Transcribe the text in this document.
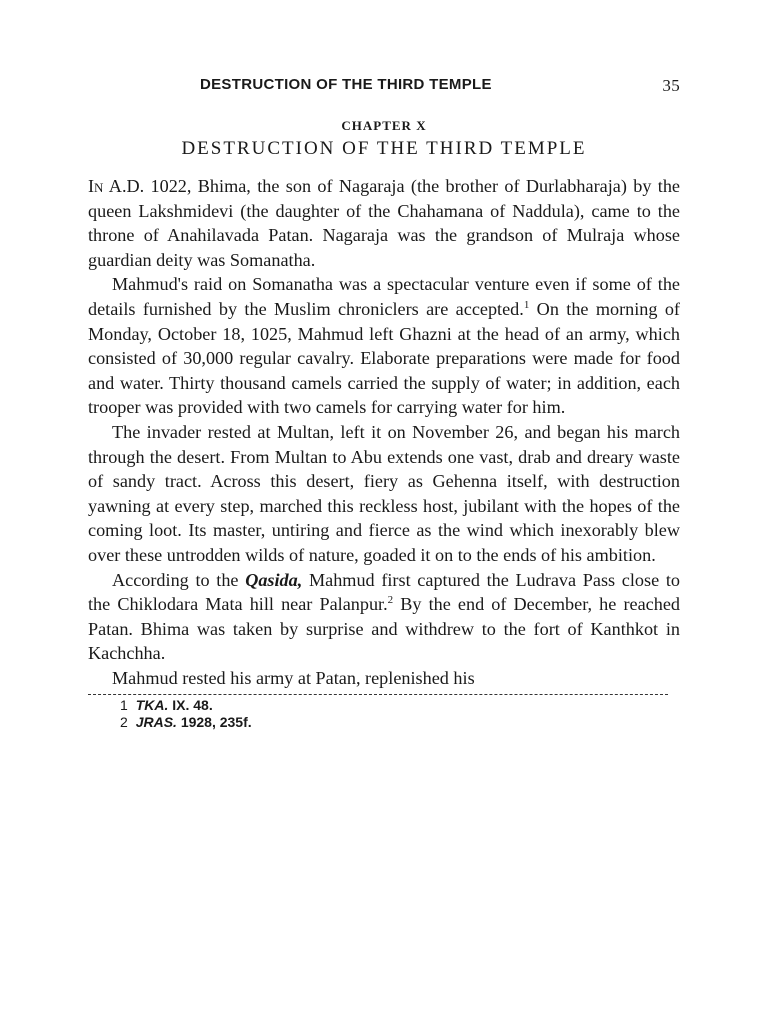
DESTRUCTION OF THE THIRD TEMPLE	35
CHAPTER X
DESTRUCTION OF THE THIRD TEMPLE

In A.D. 1022, Bhima, the son of Nagaraja (the brother of Durlabharaja) by the queen Lakshmidevi (the daughter of the Chahamana of Naddula), came to the throne of Anahilavada Patan. Nagaraja was the grandson of Mulraja whose guardian deity was Somanatha.

Mahmud's raid on Somanatha was a spectacular venture even if some of the details furnished by the Muslim chroniclers are accepted.$^1$ On the morning of Monday, October 18, 1025, Mahmud left Ghazni at the head of an army, which consisted of 30,000 regular cavalry. Elaborate preparations were made for food and water. Thirty thousand camels carried the supply of water; in addition, each trooper was provided with two camels for carrying water for him.

The invader rested at Multan, left it on November 26, and began his march through the desert. From Multan to Abu extends one vast, drab and dreary waste of sandy tract. Across this desert, fiery as Gehenna itself, with destruction yawning at every step, marched this reckless host, jubilant with the hopes of the coming loot. Its master, untiring and fierce as the wind which inexorably blew over these untrodden wilds of nature, goaded it on to the ends of his ambition.

According to the Qasida, Mahmud first captured the Ludrava Pass close to the Chiklodara Mata hill near Palanpur.$^2$ By the end of December, he reached Patan. Bhima was taken by surprise and withdrew to the fort of Kanthkot in Kachchha.

Mahmud rested his army at Patan, replenished his

1 TKA. IX. 48.
2 JRAS. 1928, 235f.
